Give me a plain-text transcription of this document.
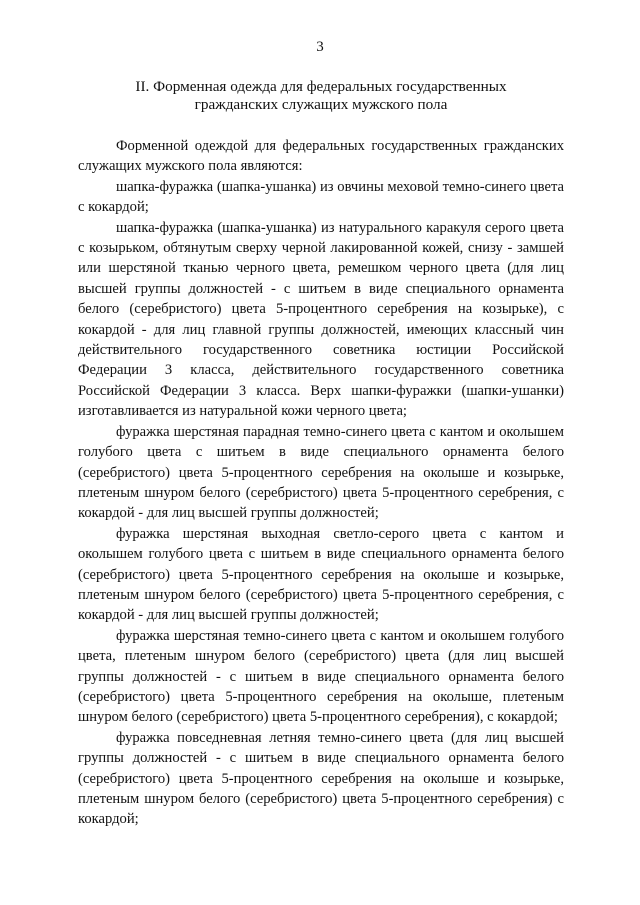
3
II. Форменная одежда для федеральных государственных
гражданских служащих мужского пола

Форменной одеждой для федеральных государственных гражданских служащих мужского пола являются:

шапка-фуражка (шапка-ушанка) из овчины меховой темно-синего цвета с кокардой;

шапка-фуражка (шапка-ушанка) из натурального каракуля серого цвета с козырьком, обтянутым сверху черной лакированной кожей, снизу - замшей или шерстяной тканью черного цвета, ремешком черного цвета (для лиц высшей группы должностей - с шитьем в виде специального орнамента белого (серебристого) цвета 5-процентного серебрения на козырьке), с кокардой - для лиц главной группы должностей, имеющих классный чин действительного государственного советника юстиции Российской Федерации 3 класса, действительного государственного советника Российской Федерации 3 класса. Верх шапки-фуражки (шапки-ушанки) изготавливается из натуральной кожи черного цвета;

фуражка шерстяная парадная темно-синего цвета с кантом и околышем голубого цвета с шитьем в виде специального орнамента белого (серебристого) цвета 5-процентного серебрения на околыше и козырьке, плетеным шнуром белого (серебристого) цвета 5-процентного серебрения, с кокардой - для лиц высшей группы должностей;

фуражка шерстяная выходная светло-серого цвета с кантом и околышем голубого цвета с шитьем в виде специального орнамента белого (серебристого) цвета 5-процентного серебрения на околыше и козырьке, плетеным шнуром белого (серебристого) цвета 5-процентного серебрения, с кокардой - для лиц высшей группы должностей;

фуражка шерстяная темно-синего цвета с кантом и околышем голубого цвета, плетеным шнуром белого (серебристого) цвета (для лиц высшей группы должностей - с шитьем в виде специального орнамента белого (серебристого) цвета 5-процентного серебрения на околыше, плетеным шнуром белого (серебристого) цвета 5-процентного серебрения), с кокардой;

фуражка повседневная летняя темно-синего цвета (для лиц высшей группы должностей - с шитьем в виде специального орнамента белого (серебристого) цвета 5-процентного серебрения на околыше и козырьке, плетеным шнуром белого (серебристого) цвета 5-процентного серебрения) с кокардой;
